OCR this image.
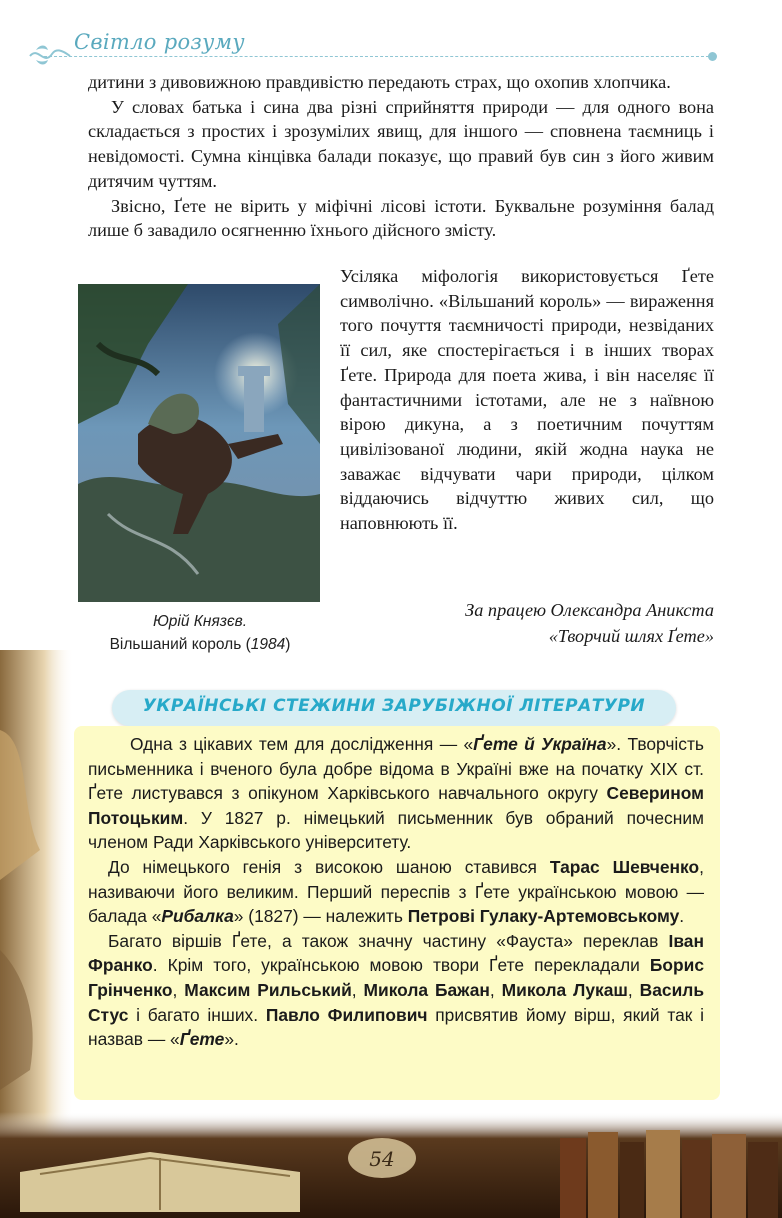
Світло розуму

дитини з дивовижною правдивістю передають страх, що охопив хлопчика.

У словах батька і сина два різні сприйняття природи — для одного вона складається з простих і зрозумілих явищ, для іншого — сповнена таємниць і невідомості. Сумна кінцівка балади показує, що правий був син з його живим дитячим чуттям.

Звісно, Ґете не вірить у міфічні лісові істоти. Буквальне розуміння балад лише б завадило осягненню їхнього дійсного змісту.

Юрій Князєв.
Вільшаний король (1984)
Усіляка міфологія використовується Ґете символічно. «Вільшаний король» — вираження того почуття таємничості природи, незвіданих її сил, яке спостерігається і в інших творах Ґете. Природа для поета жива, і він населяє її фантастичними істотами, але не з наївною вірою дикуна, а з поетичним почуттям цивілізованої людини, якій жодна наука не заважає відчувати чари природи, цілком віддаючись відчуттю живих сил, що наповнюють її.
За працею Олександра Аникста
«Творчий шлях Ґете»
УКРАЇНСЬКІ СТЕЖИНИ ЗАРУБІЖНОЇ ЛІТЕРАТУРИ

Одна з цікавих тем для дослідження — «Ґете й Україна». Творчість письменника і вченого була добре відома в Україні вже на початку ХІХ ст. Ґете листувався з опікуном Харківського навчального округу Северином Потоцьким. У 1827 р. німецький письменник був обраний почесним членом Ради Харківського університету.

До німецького генія з високою шаною ставився Тарас Шевченко, називаючи його великим. Перший переспів з Ґете українською мовою — балада «Рибалка» (1827) — належить Петрові Гулаку-Артемовському.

Багато віршів Ґете, а також значну частину «Фауста» переклав Іван Франко. Крім того, українською мовою твори Ґете перекладали Борис Грінченко, Максим Рильський, Микола Бажан, Микола Лукаш, Василь Стус і багато інших. Павло Филипович присвятив йому вірш, який так і назвав — «Ґете».

54
